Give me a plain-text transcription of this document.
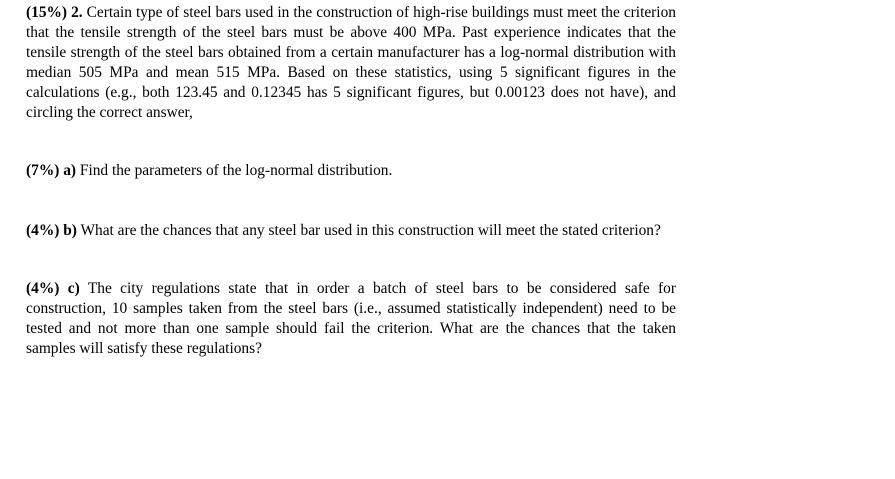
(15%) 2. Certain type of steel bars used in the construction of high-rise buildings must meet the criterion that the tensile strength of the steel bars must be above 400 MPa. Past experience indicates that the tensile strength of the steel bars obtained from a certain manufacturer has a log-normal distribution with median 505 MPa and mean 515 MPa. Based on these statistics, using 5 significant figures in the calculations (e.g., both 123.45 and 0.12345 has 5 significant figures, but 0.00123 does not have), and circling the correct answer,

(7%) a) Find the parameters of the log-normal distribution.

(4%) b) What are the chances that any steel bar used in this construction will meet the stated criterion?

(4%) c) The city regulations state that in order a batch of steel bars to be considered safe for construction, 10 samples taken from the steel bars (i.e., assumed statistically independent) need to be tested and not more than one sample should fail the criterion. What are the chances that the taken samples will satisfy these regulations?
